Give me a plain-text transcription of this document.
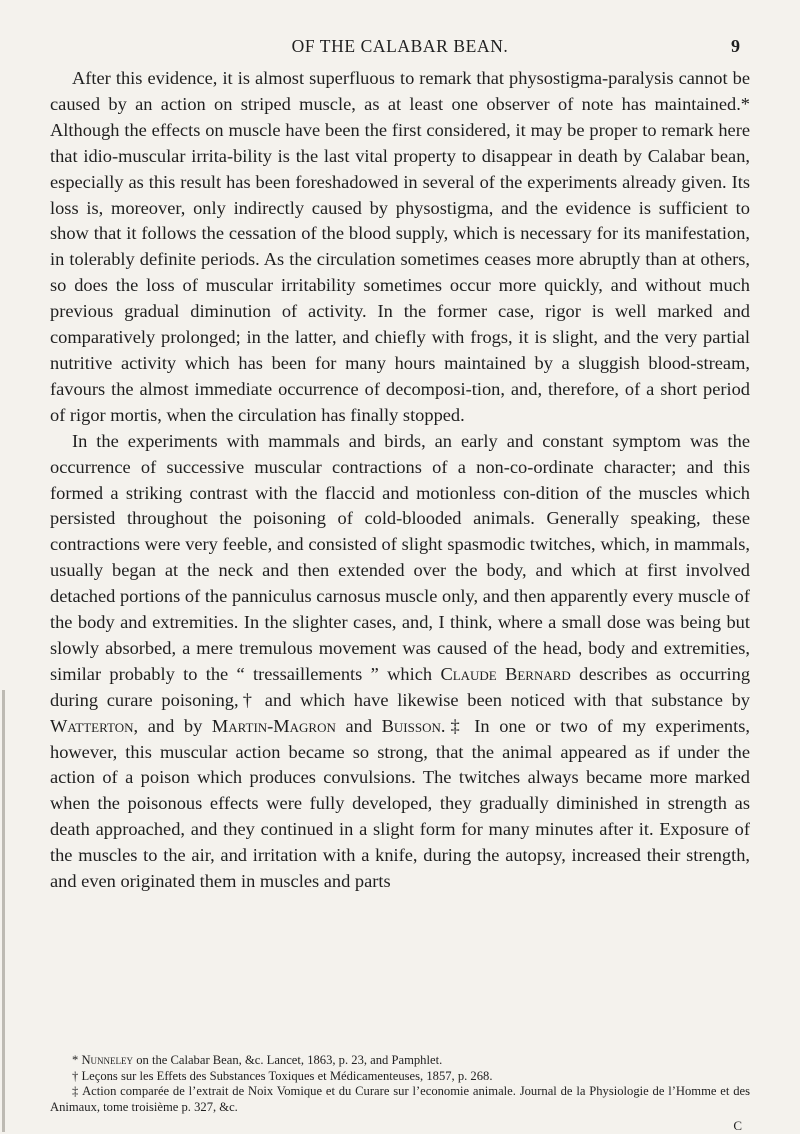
OF THE CALABAR BEAN.	9

After this evidence, it is almost superfluous to remark that physostigma-paralysis cannot be caused by an action on striped muscle, as at least one observer of note has maintained.* Although the effects on muscle have been the first considered, it may be proper to remark here that idio-muscular irrita-bility is the last vital property to disappear in death by Calabar bean, especially as this result has been foreshadowed in several of the experiments already given. Its loss is, moreover, only indirectly caused by physostigma, and the evidence is sufficient to show that it follows the cessation of the blood supply, which is necessary for its manifestation, in tolerably definite periods. As the circulation sometimes ceases more abruptly than at others, so does the loss of muscular irritability sometimes occur more quickly, and without much previous gradual diminution of activity. In the former case, rigor is well marked and comparatively prolonged; in the latter, and chiefly with frogs, it is slight, and the very partial nutritive activity which has been for many hours maintained by a sluggish blood-stream, favours the almost immediate occurrence of decomposi-tion, and, therefore, of a short period of rigor mortis, when the circulation has finally stopped.

In the experiments with mammals and birds, an early and constant symptom was the occurrence of successive muscular contractions of a non-co-ordinate character; and this formed a striking contrast with the flaccid and motionless con-dition of the muscles which persisted throughout the poisoning of cold-blooded animals. Generally speaking, these contractions were very feeble, and consisted of slight spasmodic twitches, which, in mammals, usually began at the neck and then extended over the body, and which at first involved detached portions of the panniculus carnosus muscle only, and then apparently every muscle of the body and extremities. In the slighter cases, and, I think, where a small dose was being but slowly absorbed, a mere tremulous movement was caused of the head, body and extremities, similar probably to the “ tressaillements ” which Claude Bernard describes as occurring during curare poisoning,† and which have likewise been noticed with that substance by Watterton, and by Martin-Magron and Buisson.‡ In one or two of my experiments, however, this muscular action became so strong, that the animal appeared as if under the action of a poison which produces convulsions. The twitches always became more marked when the poisonous effects were fully developed, they gradually diminished in strength as death approached, and they continued in a slight form for many minutes after it. Exposure of the muscles to the air, and irritation with a knife, during the autopsy, increased their strength, and even originated them in muscles and parts

* Nunneley on the Calabar Bean, &c. Lancet, 1863, p. 23, and Pamphlet.

† Leçons sur les Effets des Substances Toxiques et Médicamenteuses, 1857, p. 268.

‡ Action comparée de l’extrait de Noix Vomique et du Curare sur l’economie animale. Journal de la Physiologie de l’Homme et des Animaux, tome troisième p. 327, &c.

C
